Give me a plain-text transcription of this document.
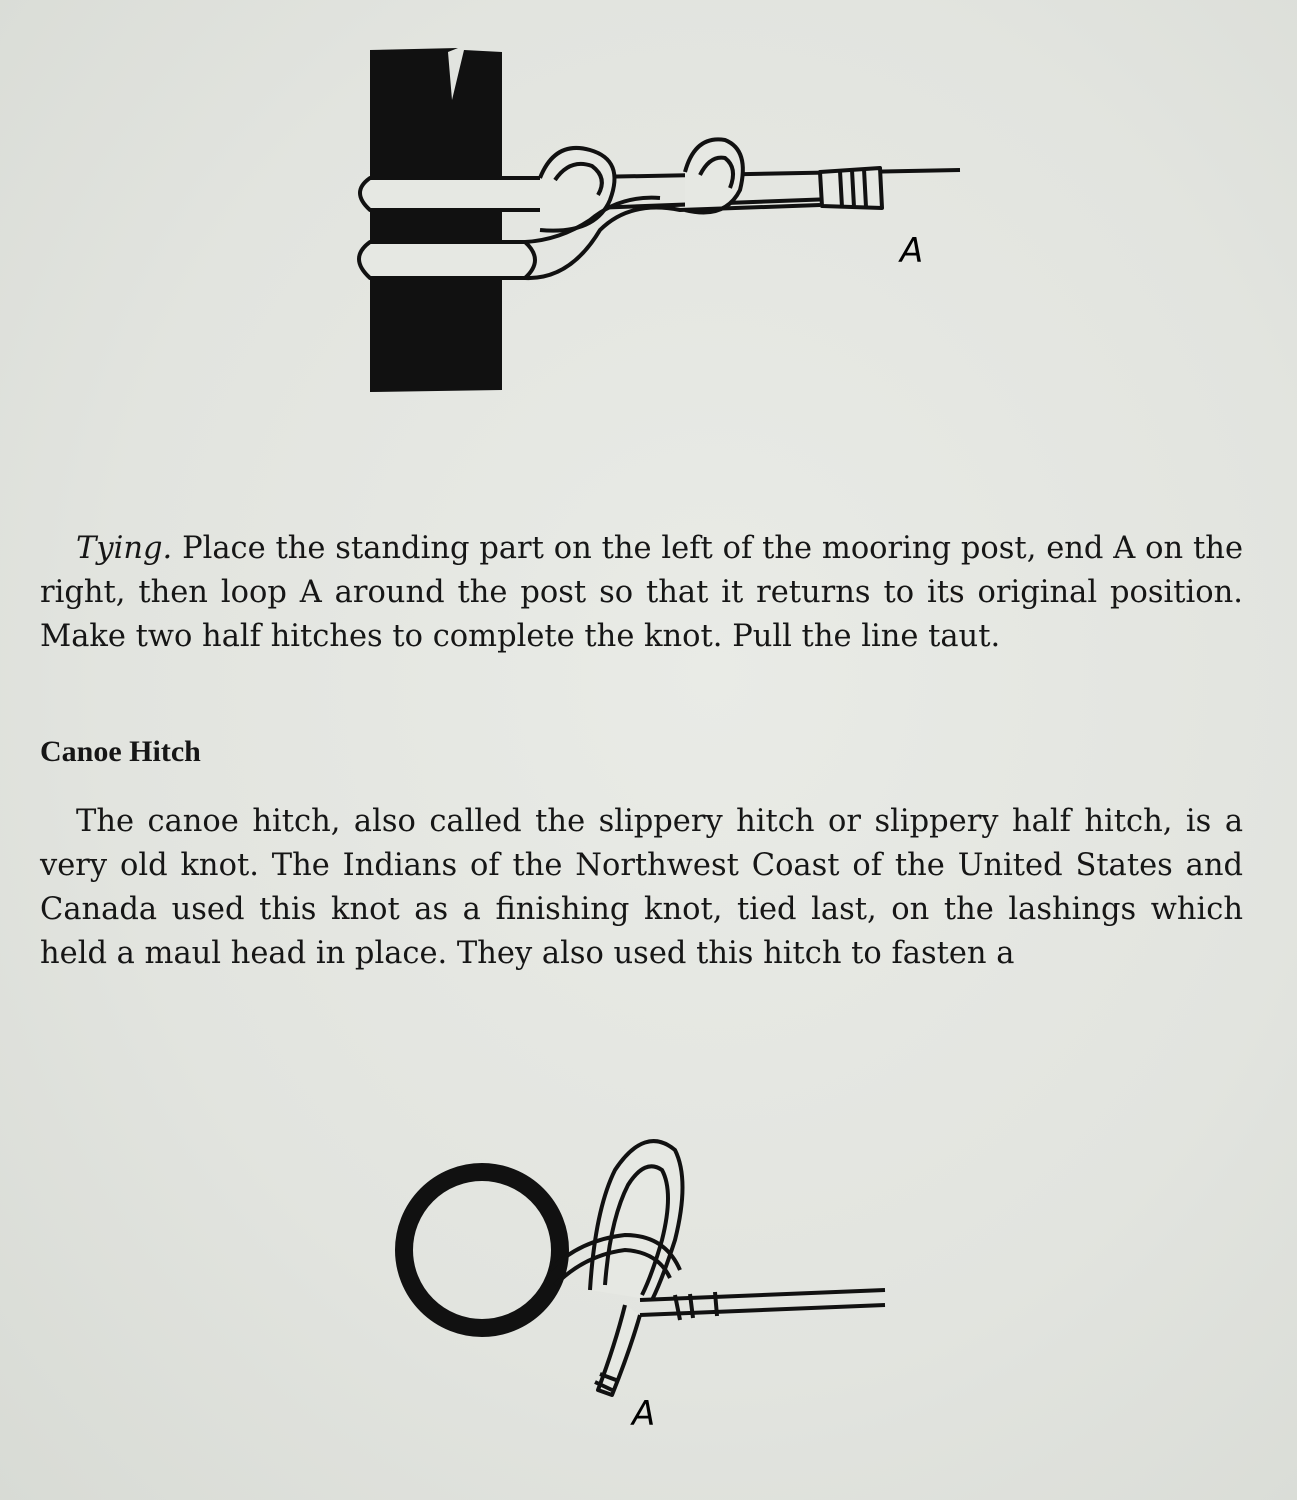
A

Tying. Place the standing part on the left of the mooring post, end A on the right, then loop A around the post so that it returns to its original position. Make two half hitches to complete the knot. Pull the line taut.

Canoe Hitch

The canoe hitch, also called the slippery hitch or slippery half hitch, is a very old knot. The Indians of the Northwest Coast of the United States and Canada used this knot as a finishing knot, tied last, on the lashings which held a maul head in place. They also used this hitch to fasten a

A
